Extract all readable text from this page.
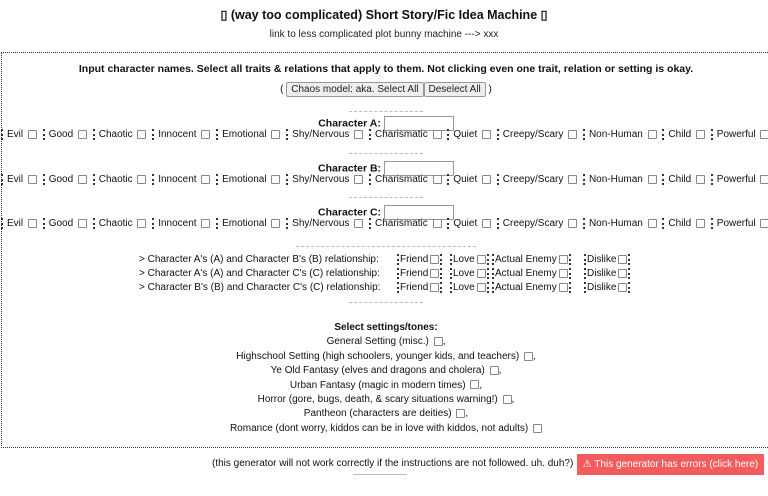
▯ (way too complicated) Short Story/Fic Idea Machine ▯
link to less complicated plot bunny machine ---> xxx
Input character names. Select all traits & relations that apply to them. Not clicking even one trait, relation or setting is okay.
( Chaos model: aka. Select All Deselect All )
Character A:
Evil	Good	Chaotic	Innocent	Emotional	Shy/Nervous	Charismatic	Quiet	Creepy/Scary	Non-Human	Child	Powerful
Character B:
Evil	Good	Chaotic	Innocent	Emotional	Shy/Nervous	Charismatic	Quiet	Creepy/Scary	Non-Human	Child	Powerful
Character C:
Evil	Good	Chaotic	Innocent	Emotional	Shy/Nervous	Charismatic	Quiet	Creepy/Scary	Non-Human	Child	Powerful
> Character A's (A) and Character B's (B) relationship: Friend Love Actual Enemy	Dislike
> Character A's (A) and Character C's (C) relationship: Friend Love Actual Enemy	Dislike
> Character B's (B) and Character C's (C) relationship: Friend Love Actual Enemy	Dislike
Select settings/tones:
General Setting (misc.) ,
Highschool Setting (high schoolers, younger kids, and teachers) ,
Ye Old Fantasy (elves and dragons and cholera) ,
Urban Fantasy (magic in modern times) ,
Horror (gore, bugs, death, & scary situations warning!) ,
Pantheon (characters are deities) ,
Romance (dont worry, kiddos can be in love with kiddos, not adults)
(this generator will not work correctly if the instructions are not followed. uh. duh?) ⚠ This generator has errors (click here) ⚠
